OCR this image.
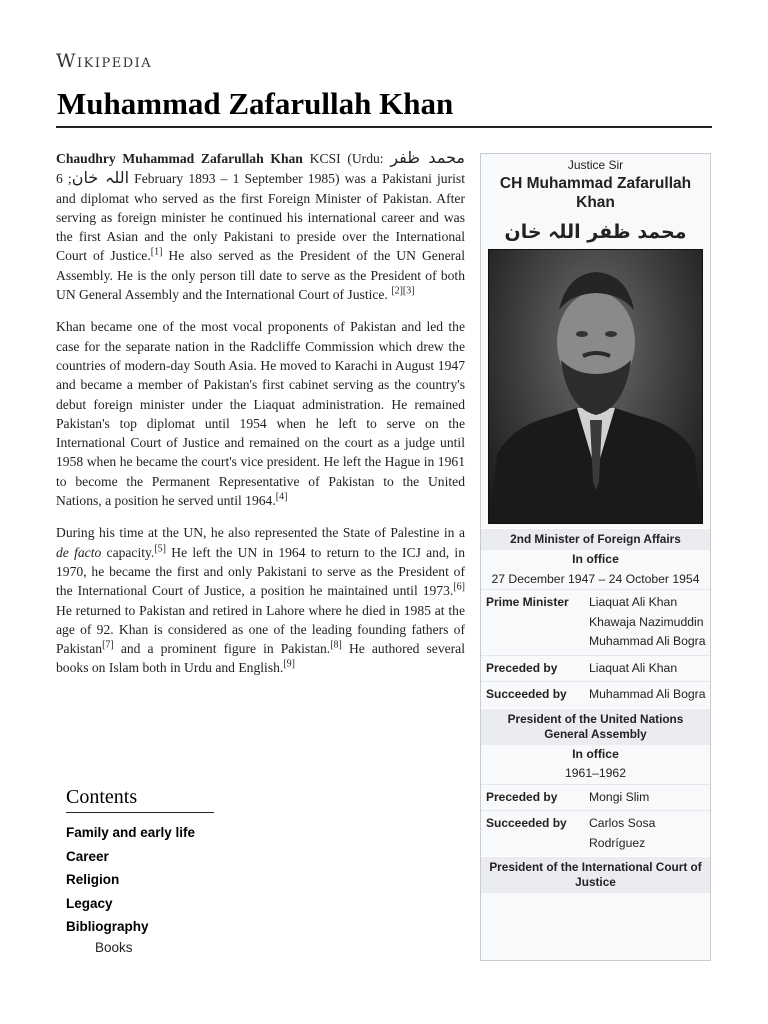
Wikipedia
Muhammad Zafarullah Khan

Chaudhry Muhammad Zafarullah Khan KCSI (Urdu: محمد ظفر اللہ خان; 6 February 1893 – 1 September 1985) was a Pakistani jurist and diplomat who served as the first Foreign Minister of Pakistan. After serving as foreign minister he continued his international career and was the first Asian and the only Pakistani to preside over the International Court of Justice.[1] He also served as the President of the UN General Assembly. He is the only person till date to serve as the President of both UN General Assembly and the International Court of Justice. [2][3]

Khan became one of the most vocal proponents of Pakistan and led the case for the separate nation in the Radcliffe Commission which drew the countries of modern-day South Asia. He moved to Karachi in August 1947 and became a member of Pakistan's first cabinet serving as the country's debut foreign minister under the Liaquat administration. He remained Pakistan's top diplomat until 1954 when he left to serve on the International Court of Justice and remained on the court as a judge until 1958 when he became the court's vice president. He left the Hague in 1961 to become the Permanent Representative of Pakistan to the United Nations, a position he served until 1964.[4]

During his time at the UN, he also represented the State of Palestine in a de facto capacity.[5] He left the UN in 1964 to return to the ICJ and, in 1970, he became the first and only Pakistani to serve as the President of the International Court of Justice, a position he maintained until 1973.[6] He returned to Pakistan and retired in Lahore where he died in 1985 at the age of 92. Khan is considered as one of the leading founding fathers of Pakistan[7] and a prominent figure in Pakistan.[8] He authored several books on Islam both in Urdu and English.[9]

Contents
Family and early life
Career
Religion
Legacy
Bibliography
Books
Justice Sir
CH Muhammad Zafarullah Khan
محمد ظفر اللہ خان
2nd Minister of Foreign Affairs
In office
27 December 1947 – 24 October 1954
Prime Minister	Liaquat Ali Khan
Khawaja Nazimuddin
Muhammad Ali Bogra
Preceded by	Liaquat Ali Khan
Succeeded by	Muhammad Ali Bogra
President of the United Nations General Assembly
In office
1961–1962
Preceded by	Mongi Slim
Succeeded by	Carlos Sosa Rodríguez
President of the International Court of Justice
